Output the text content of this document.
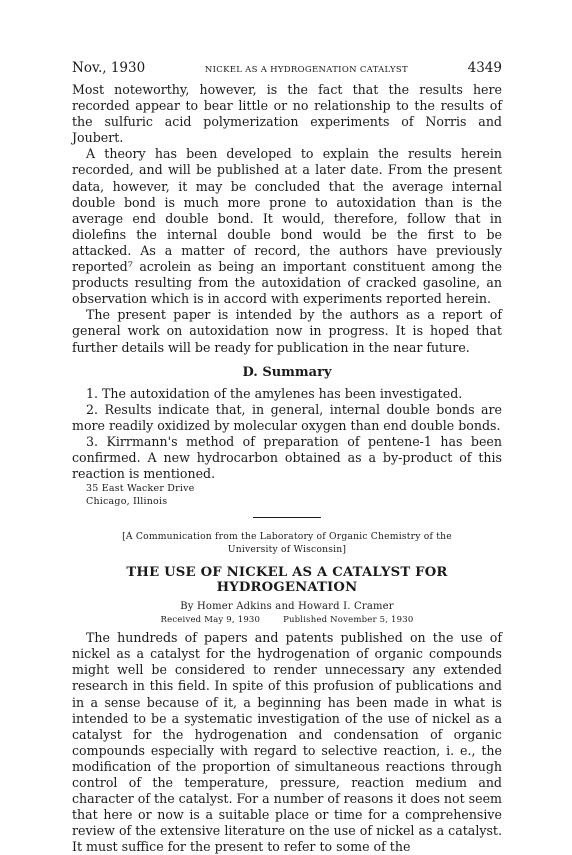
Nov., 1930	NICKEL AS A HYDROGENATION CATALYST	4349

Most noteworthy, however, is the fact that the results here recorded appear to bear little or no relationship to the results of the sulfuric acid polymerization experiments of Norris and Joubert.

A theory has been developed to explain the results herein recorded, and will be published at a later date. From the present data, however, it may be concluded that the average internal double bond is much more prone to autoxidation than is the average end double bond. It would, therefore, follow that in diolefins the internal double bond would be the first to be attacked. As a matter of record, the authors have previously reported⁷ acrolein as being an important constituent among the products resulting from the autoxidation of cracked gasoline, an observation which is in accord with experiments reported herein.

The present paper is intended by the authors as a report of general work on autoxidation now in progress. It is hoped that further details will be ready for publication in the near future.

D. Summary

1. The autoxidation of the amylenes has been investigated.

2. Results indicate that, in general, internal double bonds are more readily oxidized by molecular oxygen than end double bonds.

3. Kirrmann's method of preparation of pentene-1 has been confirmed. A new hydrocarbon obtained as a by-product of this reaction is mentioned.

35 East Wacker Drive
Chicago, Illinois
[A Communication from the Laboratory of Organic Chemistry of the
University of Wisconsin]
THE USE OF NICKEL AS A CATALYST FOR HYDROGENATION
By Homer Adkins and Howard I. Cramer
Received May 9, 1930	Published November 5, 1930

The hundreds of papers and patents published on the use of nickel as a catalyst for the hydrogenation of organic compounds might well be considered to render unnecessary any extended research in this field. In spite of this profusion of publications and in a sense because of it, a beginning has been made in what is intended to be a systematic investigation of the use of nickel as a catalyst for the hydrogenation and condensation of organic compounds especially with regard to selective reaction, i. e., the modification of the proportion of simultaneous reactions through control of the temperature, pressure, reaction medium and character of the catalyst. For a number of reasons it does not seem that here or now is a suitable place or time for a comprehensive review of the extensive literature on the use of nickel as a catalyst. It must suffice for the present to refer to some of the
